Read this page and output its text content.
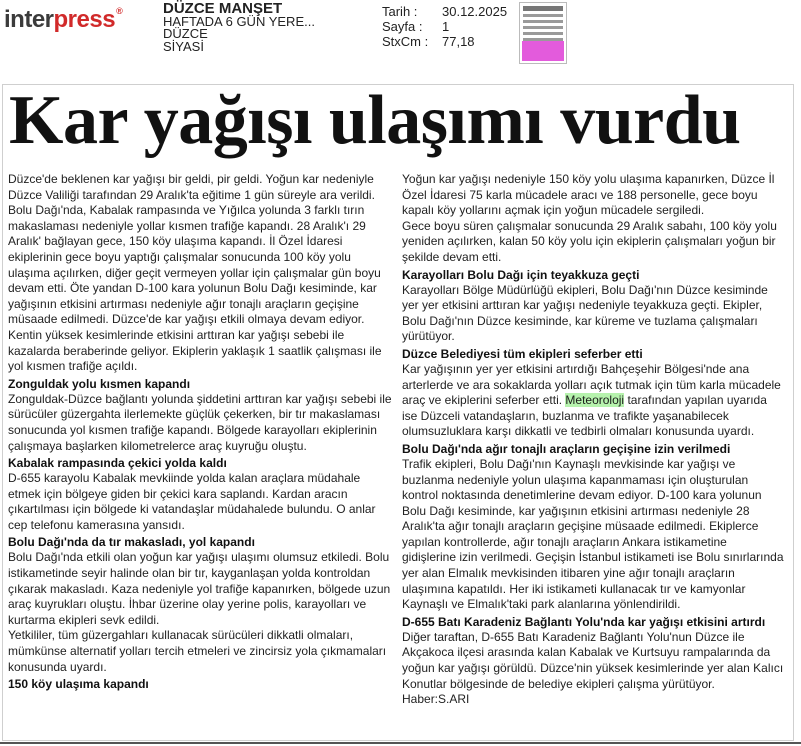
interpress®	DÜZCE MANŞET
HAFTADA 6 GÜN YERE...
DÜZCE
SİYASİ
Tarih :	30.12.2025
Sayfa :	1
StxCm :	77,18
Kar yağışı ulaşımı vurdu

Düzce'de beklenen kar yağışı bir geldi, pir geldi. Yoğun kar nedeniyle Düzce Valiliği tarafından 29 Aralık'ta eğitime 1 gün süreyle ara verildi. Bolu Dağı'nda, Kabalak rampasında ve Yığılca yolunda 3 farklı tırın makaslaması nedeniyle yollar kısmen trafiğe kapandı. 28 Aralık'ı 29 Aralık' bağlayan gece, 150 köy ulaşıma kapandı. İl Özel İdaresi ekiplerinin gece boyu yaptığı çalışmalar sonucunda 100 köy yolu ulaşıma açılırken, diğer geçit vermeyen yollar için çalışmalar gün boyu devam etti. Öte yandan D-100 kara yolunun Bolu Dağı kesiminde, kar yağışının etkisini artırması nedeniyle ağır tonajlı araçların geçişine müsaade edilmedi. Düzce'de kar yağışı etkili olmaya devam ediyor. Kentin yüksek kesimlerinde etkisini arttıran kar yağışı sebebi ile kazalarda beraberinde geliyor. Ekiplerin yaklaşık 1 saatlik çalışması ile yol kısmen trafiğe açıldı.

Zonguldak yolu kısmen kapandı

Zonguldak-Düzce bağlantı yolunda şiddetini arttıran kar yağışı sebebi ile sürücüler güzergahta ilerlemekte güçlük çekerken, bir tır makaslaması sonucunda yol kısmen trafiğe kapandı. Bölgede karayolları ekiplerinin çalışmaya başlarken kilometrelerce araç kuyruğu oluştu.

Kabalak rampasında çekici yolda kaldı

D-655 karayolu Kabalak mevkiinde yolda kalan araçlara müdahale etmek için bölgeye giden bir çekici kara saplandı. Kardan aracın çıkartılması için bölgede ki vatandaşlar müdahalede bulundu. O anlar cep telefonu kamerasına yansıdı.

Bolu Dağı'nda da tır makasladı, yol kapandı

Bolu Dağı'nda etkili olan yoğun kar yağışı ulaşımı olumsuz etkiledi. Bolu istikametinde seyir halinde olan bir tır, kayganlaşan yolda kontroldan çıkarak makasladı. Kaza nedeniyle yol trafiğe kapanırken, bölgede uzun araç kuyrukları oluştu. İhbar üzerine olay yerine polis, karayolları ve kurtarma ekipleri sevk edildi.

Yetkililer, tüm güzergahları kullanacak sürücüleri dikkatli olmaları, mümkünse alternatif yolları tercih etmeleri ve zincirsiz yola çıkmamaları konusunda uyardı.

150 köy ulaşıma kapandı

Yoğun kar yağışı nedeniyle 150 köy yolu ulaşıma kapanırken, Düzce İl Özel İdaresi 75 karla mücadele aracı ve 188 personelle, gece boyu kapalı köy yollarını açmak için yoğun mücadele sergiledi.

Gece boyu süren çalışmalar sonucunda 29 Aralık sabahı, 100 köy yolu yeniden açılırken, kalan 50 köy yolu için ekiplerin çalışmaları yoğun bir şekilde devam etti.

Karayolları Bolu Dağı için teyakkuza geçti

Karayolları Bölge Müdürlüğü ekipleri, Bolu Dağı'nın Düzce kesiminde yer yer etkisini arttıran kar yağışı nedeniyle teyakkuza geçti. Ekipler, Bolu Dağı'nın Düzce kesiminde, kar küreme ve tuzlama çalışmaları yürütüyor.

Düzce Belediyesi tüm ekipleri seferber etti

Kar yağışının yer yer etkisini artırdığı Bahçeşehir Bölgesi'nde ana arterlerde ve ara sokaklarda yolları açık tutmak için tüm karla mücadele araç ve ekiplerini seferber etti. Meteoroloji tarafından yapılan uyarıda ise Düzceli vatandaşların, buzlanma ve trafikte yaşanabilecek olumsuzluklara karşı dikkatli ve tedbirli olmaları konusunda uyardı.

Bolu Dağı'nda ağır tonajlı araçların geçişine izin verilmedi

Trafik ekipleri, Bolu Dağı'nın Kaynaşlı mevkisinde kar yağışı ve buzlanma nedeniyle yolun ulaşıma kapanmaması için oluşturulan kontrol noktasında denetimlerine devam ediyor. D-100 kara yolunun Bolu Dağı kesiminde, kar yağışının etkisini artırması nedeniyle 28 Aralık'ta ağır tonajlı araçların geçişine müsaade edilmedi. Ekiplerce yapılan kontrollerde, ağır tonajlı araçların Ankara istikametine gidişlerine izin verilmedi. Geçişin İstanbul istikameti ise Bolu sınırlarında yer alan Elmalık mevkisinden itibaren yine ağır tonajlı araçların ulaşımına kapatıldı. Her iki istikameti kullanacak tır ve kamyonlar Kaynaşlı ve Elmalık'taki park alanlarına yönlendirildi.

D-655 Batı Karadeniz Bağlantı Yolu'nda kar yağışı etkisini artırdı

Diğer taraftan, D-655 Batı Karadeniz Bağlantı Yolu'nun Düzce ile Akçakoca ilçesi arasında kalan Kabalak ve Kurtsuyu rampalarında da yoğun kar yağışı görüldü. Düzce'nin yüksek kesimlerinde yer alan Kalıcı Konutlar bölgesinde de belediye ekipleri çalışma yürütüyor. Haber:S.ARI
